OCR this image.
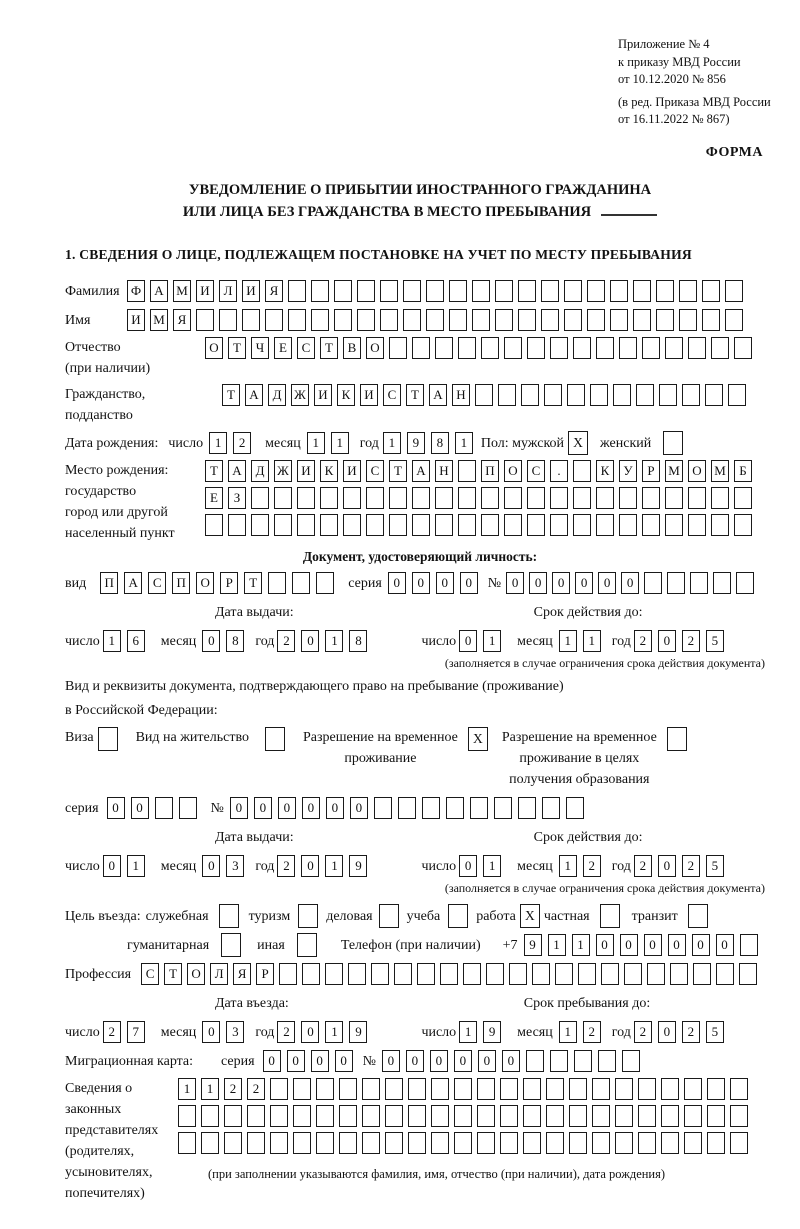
Приложение № 4
к приказу МВД России
от 10.12.2020 № 856
(в ред. Приказа МВД России
от 16.11.2022 № 867)
ФОРМА
УВЕДОМЛЕНИЕ О ПРИБЫТИИ ИНОСТРАННОГО ГРАЖДАНИНА
ИЛИ ЛИЦА БЕЗ ГРАЖДАНСТВА В МЕСТО ПРЕБЫВАНИЯ
1. СВЕДЕНИЯ О ЛИЦЕ, ПОДЛЕЖАЩЕМ ПОСТАНОВКЕ НА УЧЕТ ПО МЕСТУ ПРЕБЫВАНИЯ
Фамилия Ф	А М И	Л	И	Я
Имя	И М Я
Отчество
(при наличии)
О	Т	Ч	Е	С	Т	В	О
Гражданство,
подданство
Т	А	Д Ж И	К	И	С	Т	А	Н
Дата рождения: число 1	2	месяц 1	1	год 1	9	8	1 Пол: мужской X	женский
Место рождения:
государство
город или другой
населенный пункт
Т	А	Д Ж И	К	И	С	Т	А	Н	П	О	С	.	К	У	Р	М О М	Б
Е	З
Документ, удостоверяющий личность:
вид	П	А	С	П	О	Р	Т	серия 0	0	0	0	№ 0	0	0	0	0	0
Дата выдачи:	Срок действия до:
число 1	6	месяц 0	8	год 2	0	1	8	число 0	1	месяц 1	1	год 2	0	2	5
(заполняется в случае ограничения срока действия документа)
Вид и реквизиты документа, подтверждающего право на пребывание (проживание)
в Российской Федерации:
Виза	Вид на жительство	Разрешение на временное
проживание
X	Разрешение на временное
проживание в целях
получения образования
серия	0	0	№ 0	0	0	0	0	0
Дата выдачи:	Срок действия до:
число 0	1	месяц 0	3	год 2	0	1	9	число 0	1	месяц 1	2	год 2	0	2	5
(заполняется в случае ограничения срока действия документа)
Цель въезда: служебная	туризм	деловая учеба	работа X частная	транзит
гуманитарная	иная	Телефон (при наличии) +7 9	1	1	0	0	0	0	0	0
Профессия	С	Т	О	Л	Я	Р
Дата въезда:	Срок пребывания до:
число 2	7	месяц 0	3	год 2	0	1	9	число 1	9	месяц 1	2	год 2	0	2	5
Миграционная карта: серия	0	0	0	0	№ 0	0	0	0	0	0
Сведения о
законных
представителях
(родителях,
усыновителях,
попечителях)
1	1	2	2
(при заполнении указываются фамилия, имя, отчество (при наличии), дата рождения)
